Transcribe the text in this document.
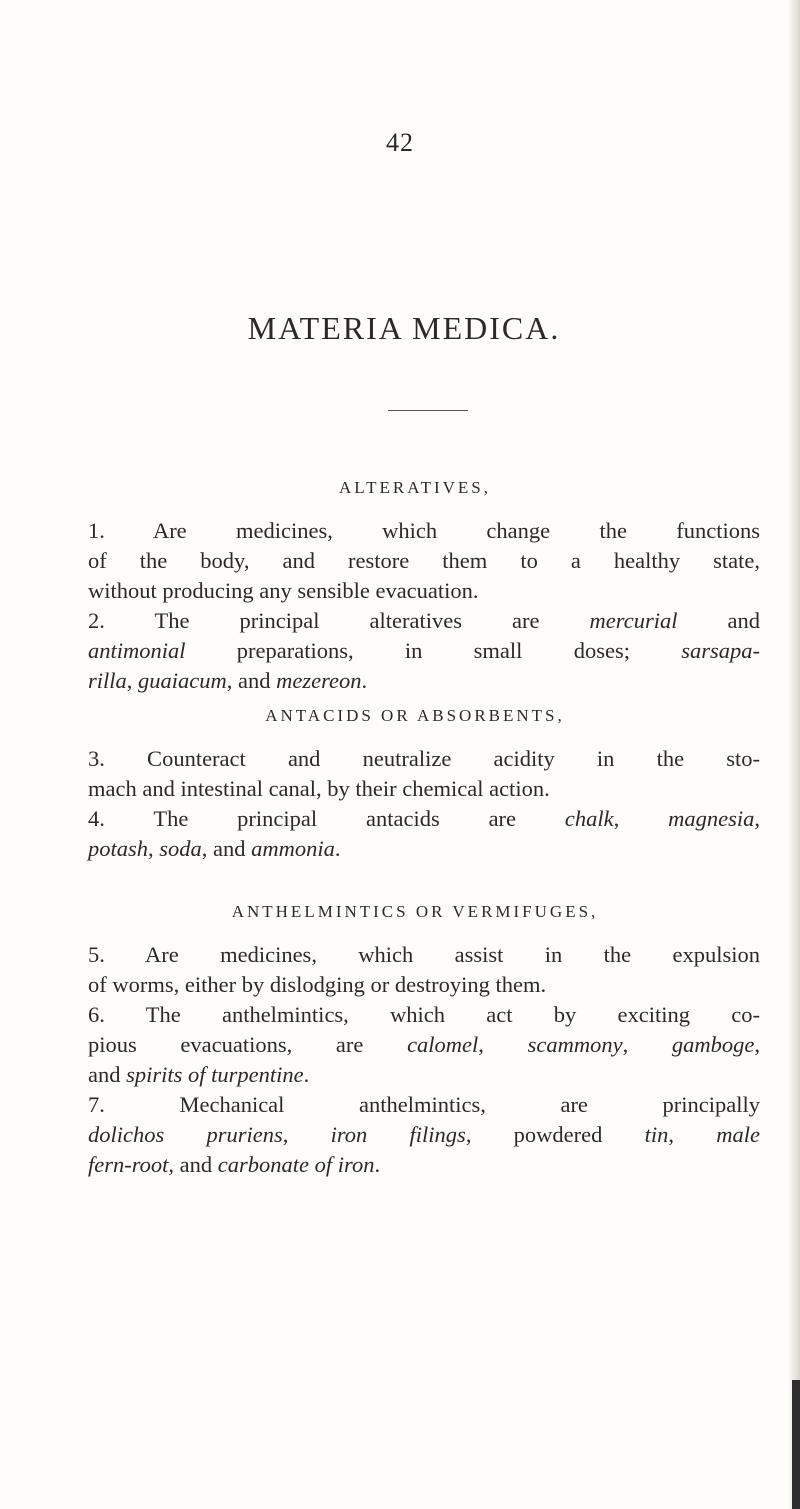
42
MATERIA MEDICA.
ALTERATIVES,

1. Are medicines, which change the functions
of the body, and restore them to a healthy state,
without producing any sensible evacuation.

2. The principal alteratives are mercurial and
antimonial preparations, in small doses; sarsapa-
rilla, guaiacum, and mezereon.

ANTACIDS OR ABSORBENTS,

3. Counteract and neutralize acidity in the sto-
mach and intestinal canal, by their chemical action.

4. The principal antacids are chalk, magnesia,
potash, soda, and ammonia.

ANTHELMINTICS OR VERMIFUGES,

5. Are medicines, which assist in the expulsion
of worms, either by dislodging or destroying them.

6. The anthelmintics, which act by exciting co-
pious evacuations, are calomel, scammony, gamboge,
and spirits of turpentine.

7. Mechanical anthelmintics, are principally
dolichos pruriens, iron filings, powdered tin, male
fern-root, and carbonate of iron.
